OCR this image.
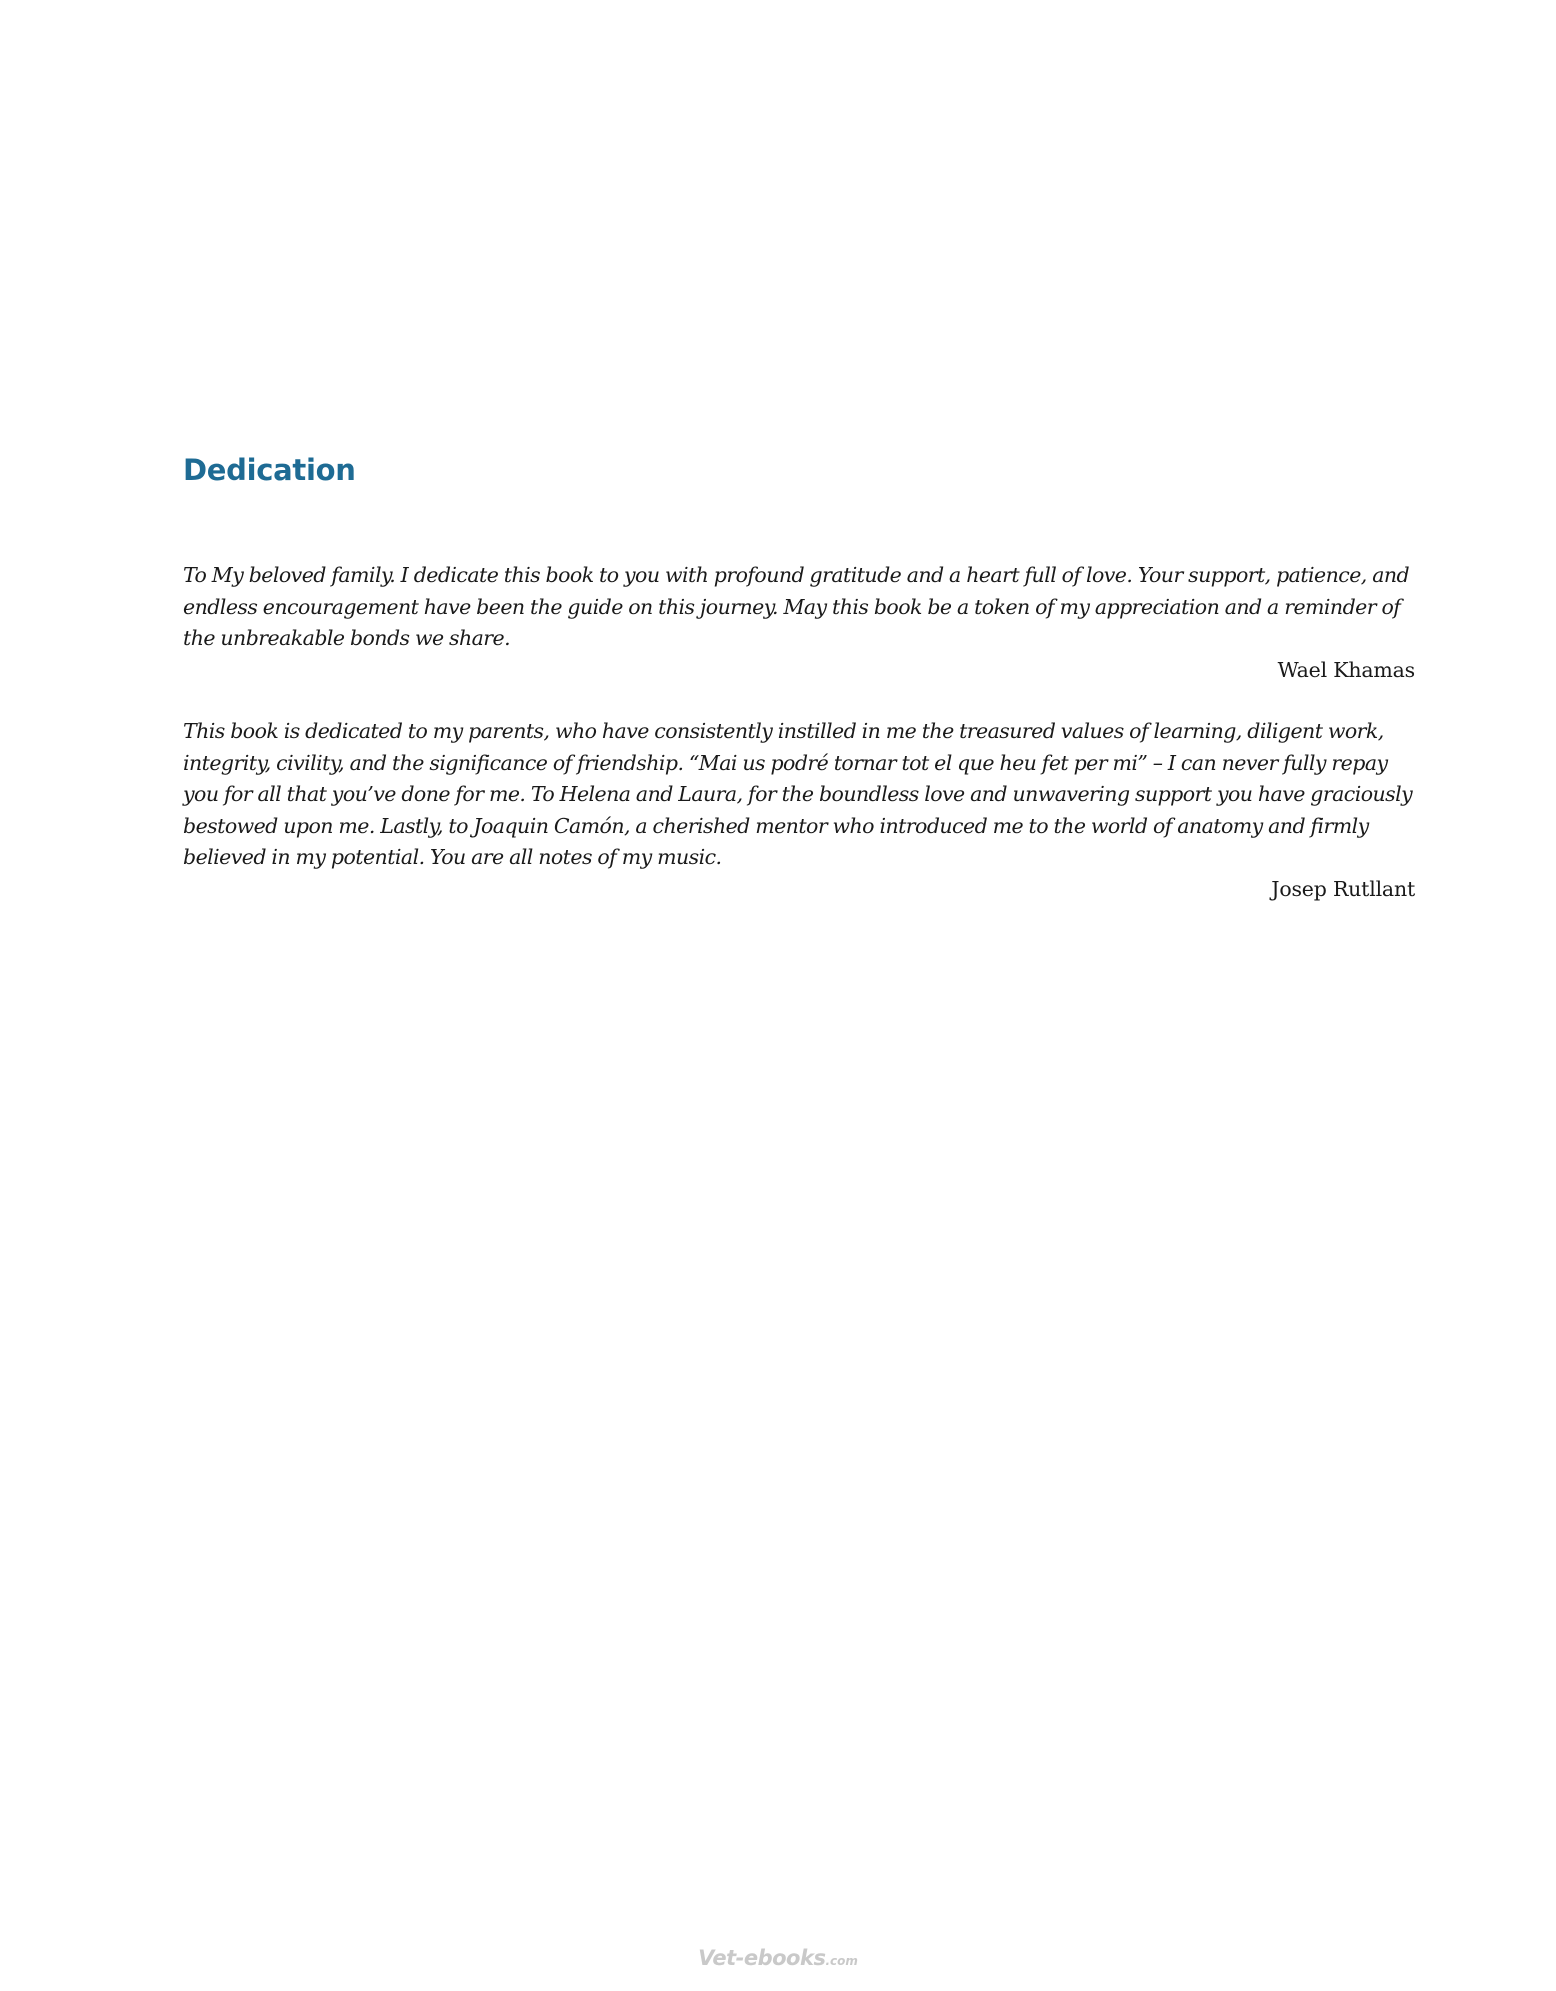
Dedication

To My beloved family. I dedicate this book to you with profound gratitude and a heart full of love. Your support, patience, and endless encouragement have been the guide on this journey. May this book be a token of my appreciation and a reminder of the unbreakable bonds we share.

Wael Khamas

This book is dedicated to my parents, who have consistently instilled in me the treasured values of learning, diligent work, integrity, civility, and the significance of friendship. “Mai us podré tornar tot el que heu fet per mi” – I can never fully repay you for all that you’ve done for me. To Helena and Laura, for the boundless love and unwavering support you have graciously bestowed upon me. Lastly, to Joaquin Camón, a cherished mentor who introduced me to the world of anatomy and firmly believed in my potential. You are all notes of my music.

Josep Rutllant

Vet-ebooks.com
